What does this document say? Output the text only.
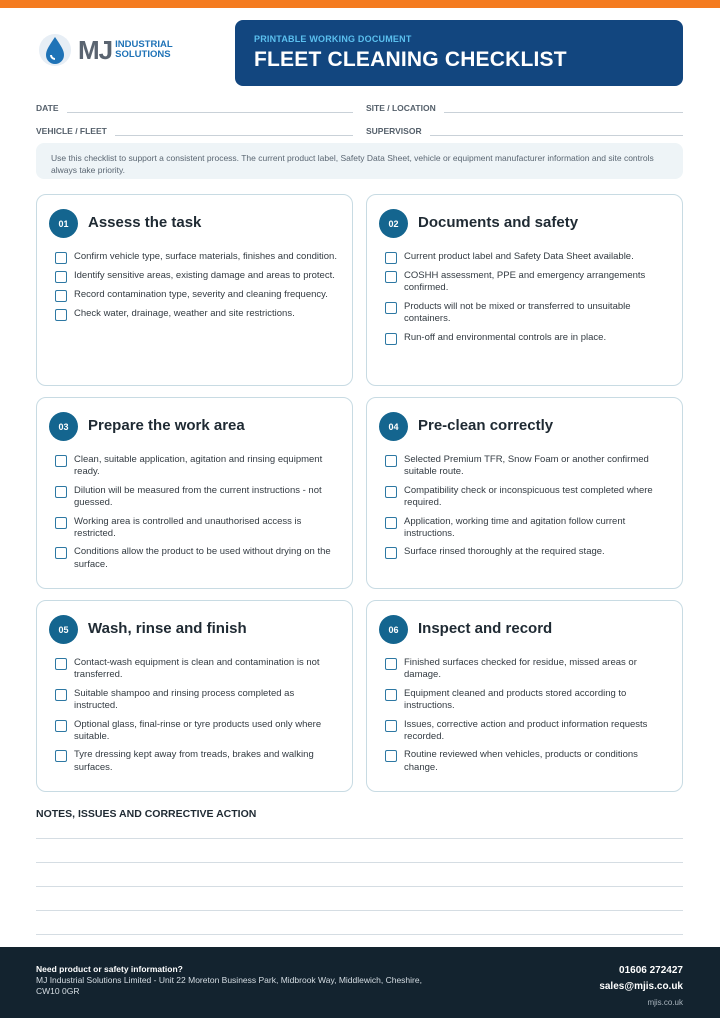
MJ INDUSTRIAL
SOLUTIONS
PRINTABLE WORKING DOCUMENT
FLEET CLEANING CHECKLIST
DATE	SITE / LOCATION
VEHICLE / FLEET	SUPERVISOR
Use this checklist to support a consistent process. The current product label, Safety Data Sheet, vehicle or equipment manufacturer information and site controls always take priority.
01	Assess the task
Confirm vehicle type, surface materials, finishes and condition.
Identify sensitive areas, existing damage and areas to protect.
Record contamination type, severity and cleaning frequency.
Check water, drainage, weather and site restrictions.
02	Documents and safety
Current product label and Safety Data Sheet available.
COSHH assessment, PPE and emergency arrangements confirmed.
Products will not be mixed or transferred to unsuitable containers.
Run-off and environmental controls are in place.
03	Prepare the work area
Clean, suitable application, agitation and rinsing equipment ready.
Dilution will be measured from the current instructions - not guessed.
Working area is controlled and unauthorised access is restricted.
Conditions allow the product to be used without drying on the surface.
04	Pre-clean correctly
Selected Premium TFR, Snow Foam or another confirmed suitable route.
Compatibility check or inconspicuous test completed where required.
Application, working time and agitation follow current instructions.
Surface rinsed thoroughly at the required stage.
05	Wash, rinse and finish
Contact-wash equipment is clean and contamination is not transferred.
Suitable shampoo and rinsing process completed as instructed.
Optional glass, final-rinse or tyre products used only where suitable.
Tyre dressing kept away from treads, brakes and walking surfaces.
06	Inspect and record
Finished surfaces checked for residue, missed areas or damage.
Equipment cleaned and products stored according to instructions.
Issues, corrective action and product information requests recorded.
Routine reviewed when vehicles, products or conditions change.
NOTES, ISSUES AND CORRECTIVE ACTION
Need product or safety information?
MJ Industrial Solutions Limited - Unit 22 Moreton Business Park, Midbrook Way, Middlewich, Cheshire, CW10 0GR
01606 272427
sales@mjis.co.uk
mjis.co.uk
